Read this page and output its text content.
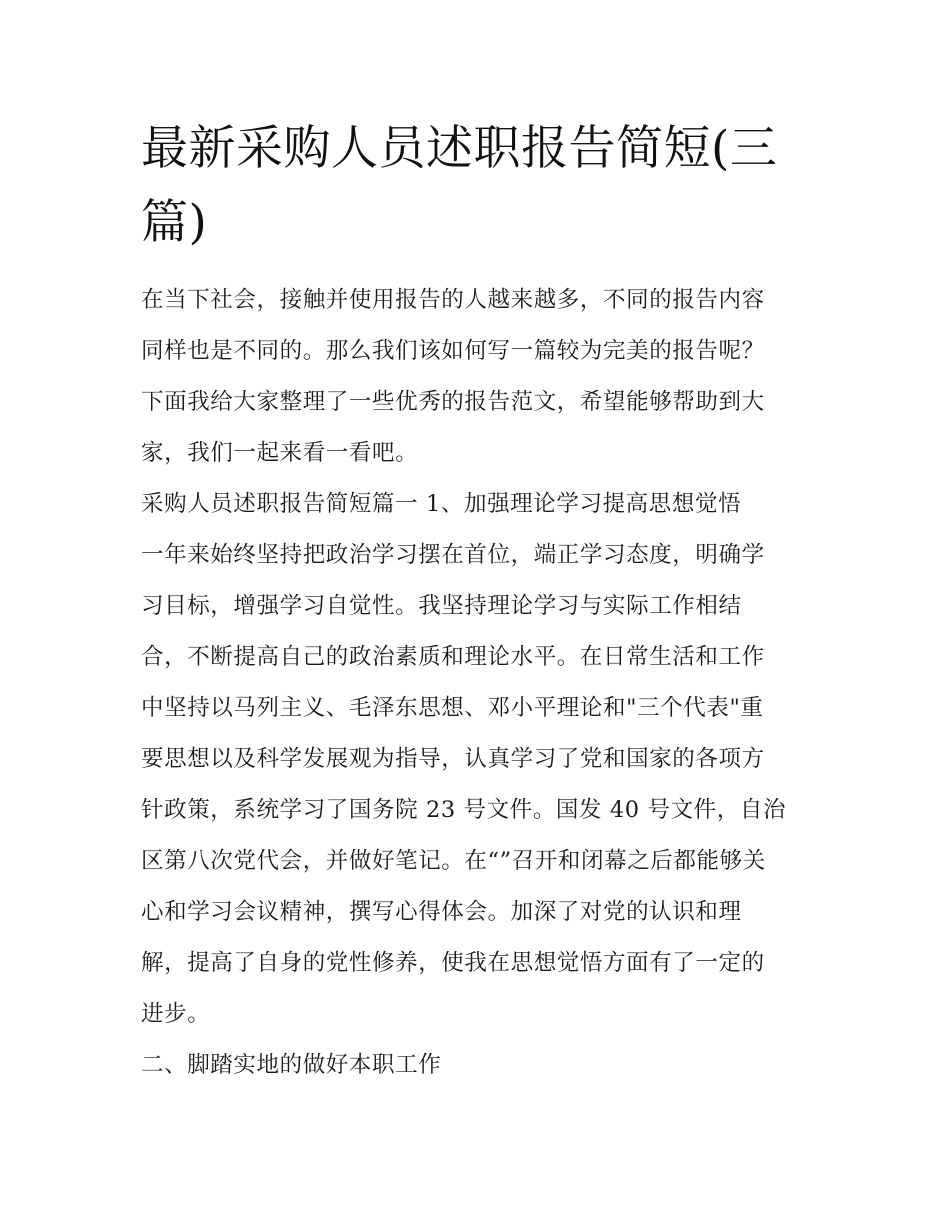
最新采购人员述职报告简短(三
篇)
在当下社会，接触并使用报告的人越来越多，不同的报告内容
同样也是不同的。那么我们该如何写一篇较为完美的报告呢？
下面我给大家整理了一些优秀的报告范文，希望能够帮助到大
家，我们一起来看一看吧。
采购人员述职报告简短篇一 1、加强理论学习提高思想觉悟
一年来始终坚持把政治学习摆在首位，端正学习态度，明确学
习目标，增强学习自觉性。我坚持理论学习与实际工作相结
合，不断提高自己的政治素质和理论水平。在日常生活和工作
中坚持以马列主义、毛泽东思想、邓小平理论和"三个代表"重
要思想以及科学发展观为指导，认真学习了党和国家的各项方
针政策，系统学习了国务院 23 号文件。国发 40 号文件，自治
区第八次党代会，并做好笔记。在“”召开和闭幕之后都能够关
心和学习会议精神，撰写心得体会。加深了对党的认识和理
解，提高了自身的党性修养，使我在思想觉悟方面有了一定的
进步。
二、脚踏实地的做好本职工作
